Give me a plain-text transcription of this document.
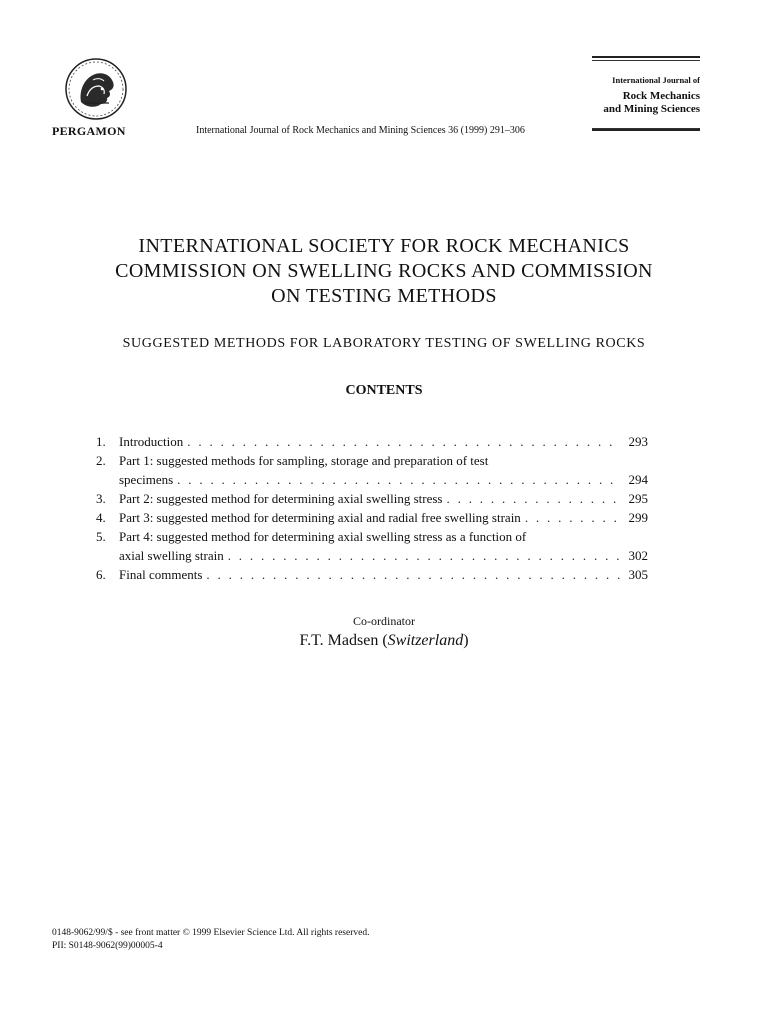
PERGAMON	International Journal of Rock Mechanics and Mining Sciences 36 (1999) 291–306
International Journal of
Rock Mechanics
and Mining Sciences
INTERNATIONAL SOCIETY FOR ROCK MECHANICS
COMMISSION ON SWELLING ROCKS AND COMMISSION
ON TESTING METHODS
SUGGESTED METHODS FOR LABORATORY TESTING OF SWELLING ROCKS
CONTENTS
1.	Introduction . . .	293
2.	Part 1: suggested methods for sampling, storage and preparation of test
specimens . . .	294
3.	Part 2: suggested method for determining axial swelling stress . . .	295
4.	Part 3: suggested method for determining axial and radial free swelling strain . . .	299
5.	Part 4: suggested method for determining axial swelling stress as a function of
axial swelling strain . . .	302
6.	Final comments . . .	305
Co-ordinator
F.T. Madsen (Switzerland)
0148-9062/99/$ - see front matter © 1999 Elsevier Science Ltd. All rights reserved.
PII: S0148-9062(99)00005-4
